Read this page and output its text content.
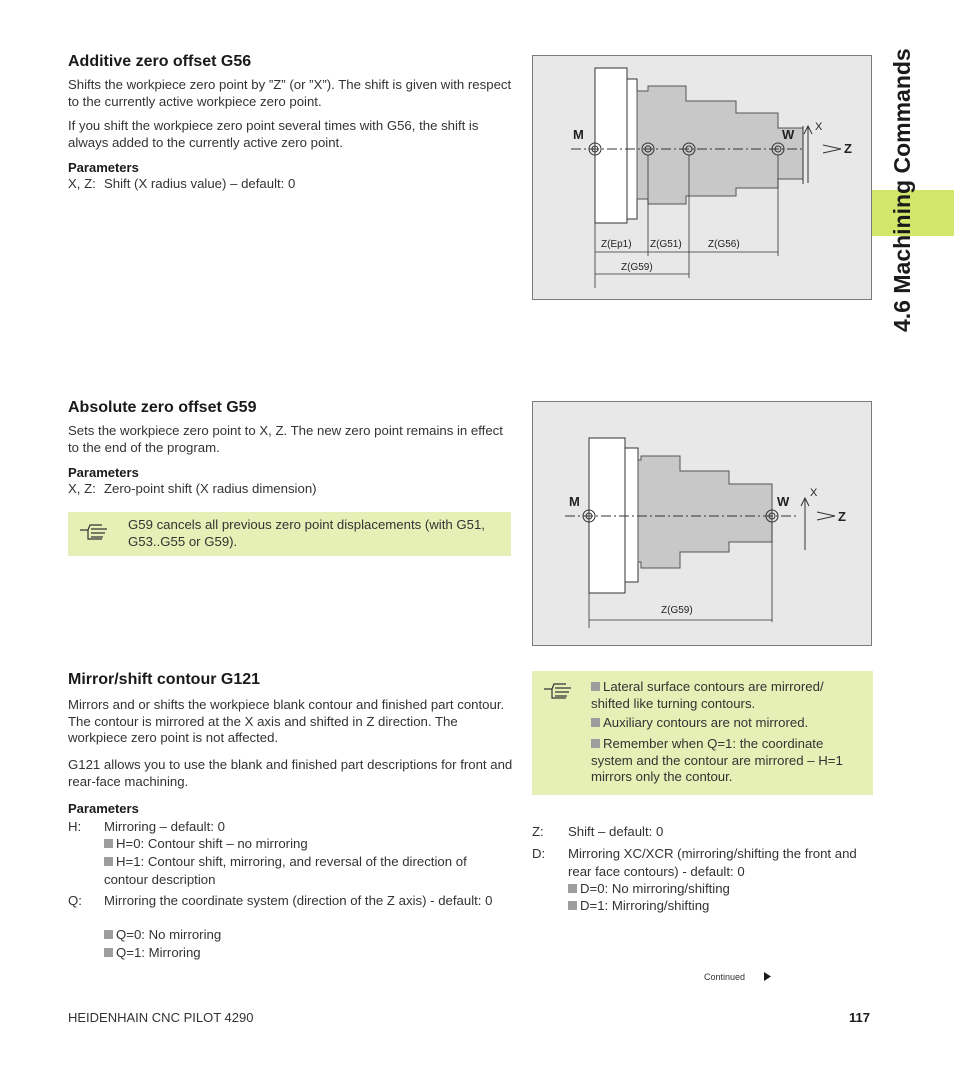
4.6 Machining Commands
Additive zero offset G56

Shifts the workpiece zero point by ”Z” (or ”X”). The shift is given with respect to the currently active workpiece zero point.

If you shift the workpiece zero point several times with G56, the shift is always added to the currently active zero point.

Parameters
X, Z: Shift (X radius value) – default: 0
M	W X
Z
Z(Ep1) Z(G51)	Z(G56)
Z(G59)
Absolute zero offset G59

Sets the workpiece zero point to X, Z. The new zero point remains in effect to the end of the program.

Parameters
X, Z: Zero-point shift (X radius dimension)
G59 cancels all previous zero point displacements (with G51, G53..G55 or G59).
M	W
X
Z
Z(G59)
Mirror/shift contour G121

Mirrors and or shifts the workpiece blank contour and finished part contour. The contour is mirrored at the X axis and shifted in Z direction. The workpiece zero point is not affected.

G121 allows you to use the blank and finished part descriptions for front and rear-face machining.

Parameters
H: Mirroring – default: 0
H=0: Contour shift – no mirroring
H=1: Contour shift, mirroring, and reversal of the direction of contour description
Q: Mirroring the coordinate system (direction of the Z axis) - default: 0
Q=0: No mirroring
Q=1: Mirroring
Lateral surface contours are mirrored/ shifted like turning contours.
Auxiliary contours are not mirrored.
Remember when Q=1: the coordinate system and the contour are mirrored – H=1 mirrors only the contour.
Z: Shift – default: 0
D: Mirroring XC/XCR (mirroring/shifting the front and rear face contours) - default: 0
D=0: No mirroring/shifting
D=1: Mirroring/shifting
Continued
HEIDENHAIN CNC PILOT 4290	117
